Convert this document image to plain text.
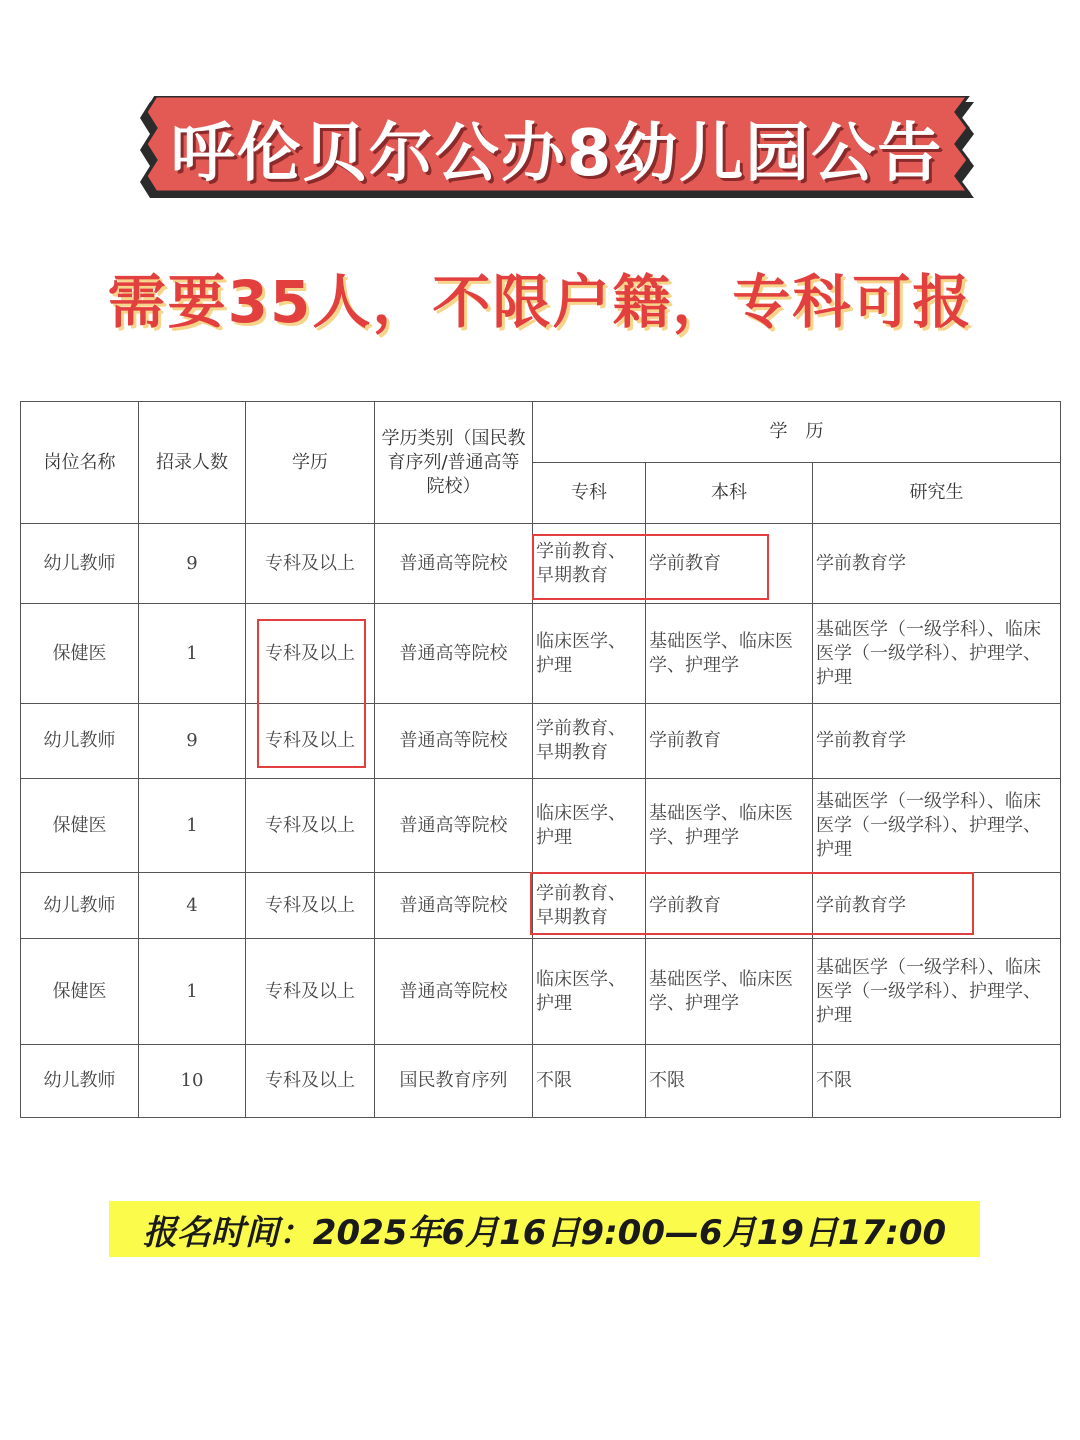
呼伦贝尔公办8幼儿园公告
需要35人，不限户籍，专科可报
岗位名称	招录人数	学历	学历类别（国民教育序列/普通高等院校）	学　历		
				专科	本科	研究生
幼儿教师	9	专科及以上	普通高等院校	学前教育、早期教育	学前教育	学前教育学
保健医	1	专科及以上	普通高等院校	临床医学、护理	基础医学、临床医学、护理学	基础医学（一级学科）、临床医学（一级学科）、护理学、护理
幼儿教师	9	专科及以上	普通高等院校	学前教育、早期教育	学前教育	学前教育学
保健医	1	专科及以上	普通高等院校	临床医学、护理	基础医学、临床医学、护理学	基础医学（一级学科）、临床医学（一级学科）、护理学、护理
幼儿教师	4	专科及以上	普通高等院校	学前教育、早期教育	学前教育	学前教育学
保健医	1	专科及以上	普通高等院校	临床医学、护理	基础医学、临床医学、护理学	基础医学（一级学科）、临床医学（一级学科）、护理学、护理
幼儿教师	10	专科及以上	国民教育序列	不限	不限	不限
报名时间：2025年6月16日9:00—6月19日17:00
